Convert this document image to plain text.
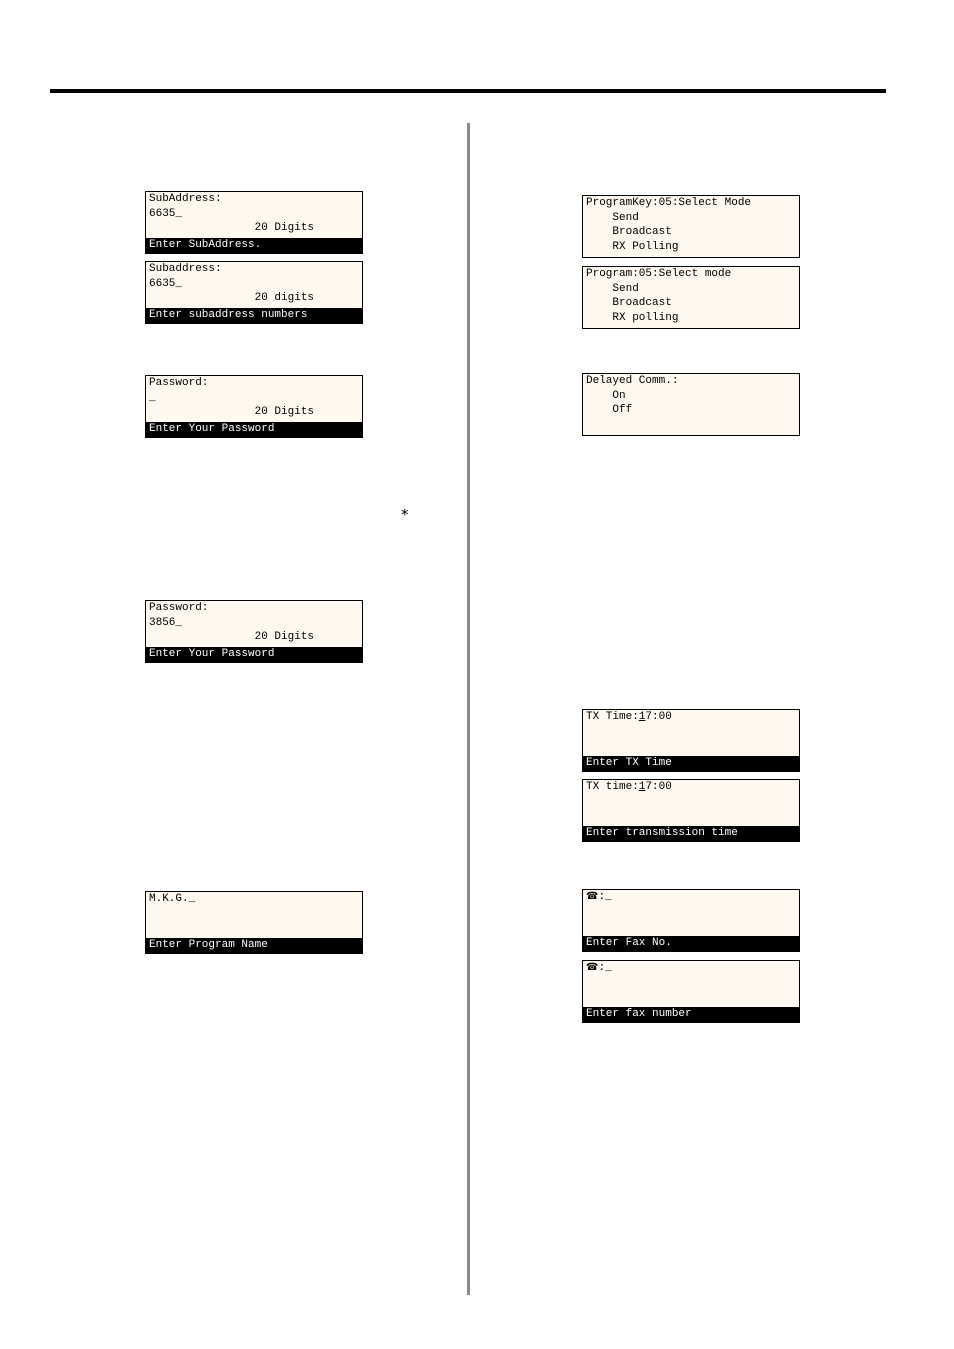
SubAddress:
6635_
20 Digits
Enter SubAddress.
Subaddress:
6635_
20 digits
Enter subaddress numbers
Password:
_
20 Digits
Enter Your Password
⁎
Password:
3856_
20 Digits
Enter Your Password
M.K.G._
Enter Program Name
ProgramKey:05:Select Mode
Send
Broadcast
RX Polling
Program:05:Select mode
Send
Broadcast
RX polling
Delayed Comm.:
On
Off
TX Time:17:00
Enter TX Time
TX time:17:00
Enter transmission time
☎:_
Enter Fax No.
☎:_
Enter fax number
